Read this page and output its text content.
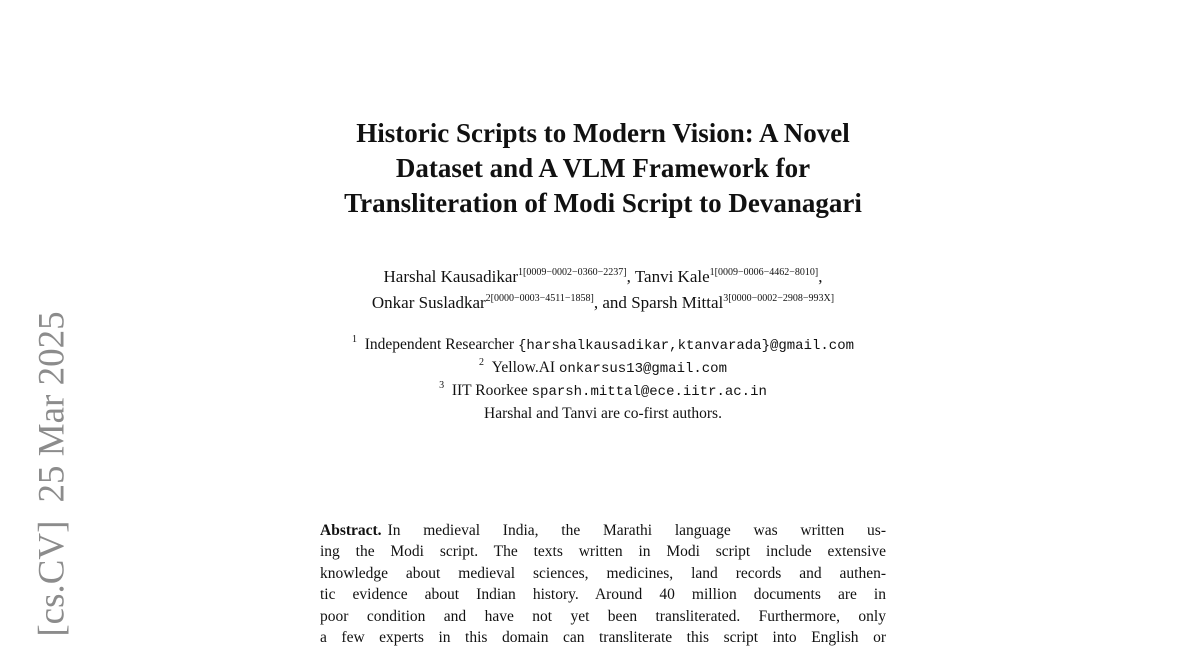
[cs.CV]25 Mar 2025
Historic Scripts to Modern Vision: A Novel
Dataset and A VLM Framework for
Transliteration of Modi Script to Devanagari
Harshal Kausadikar$^{1[0009-0002-0360-2237]}$, Tanvi Kale$^{1[0009-0006-4462-8010]}$,
Onkar Susladkar$^{2[0000-0003-4511-1858]}$, and Sparsh Mittal$^{3[0000-0002-2908-993X]}$
$^1$ Independent Researcher {harshalkausadikar,ktanvarada}@gmail.com
$^2$ Yellow.AI onkarsus13@gmail.com
$^3$ IIT Roorkee sparsh.mittal@ece.iitr.ac.in
Harshal and Tanvi are co-first authors.
Abstract. In medieval India, the Marathi language was written us-
ing the Modi script. The texts written in Modi script include extensive
knowledge about medieval sciences, medicines, land records and authen-
tic evidence about Indian history. Around 40 million documents are in
poor condition and have not yet been transliterated. Furthermore, only
a few experts in this domain can transliterate this script into English or
